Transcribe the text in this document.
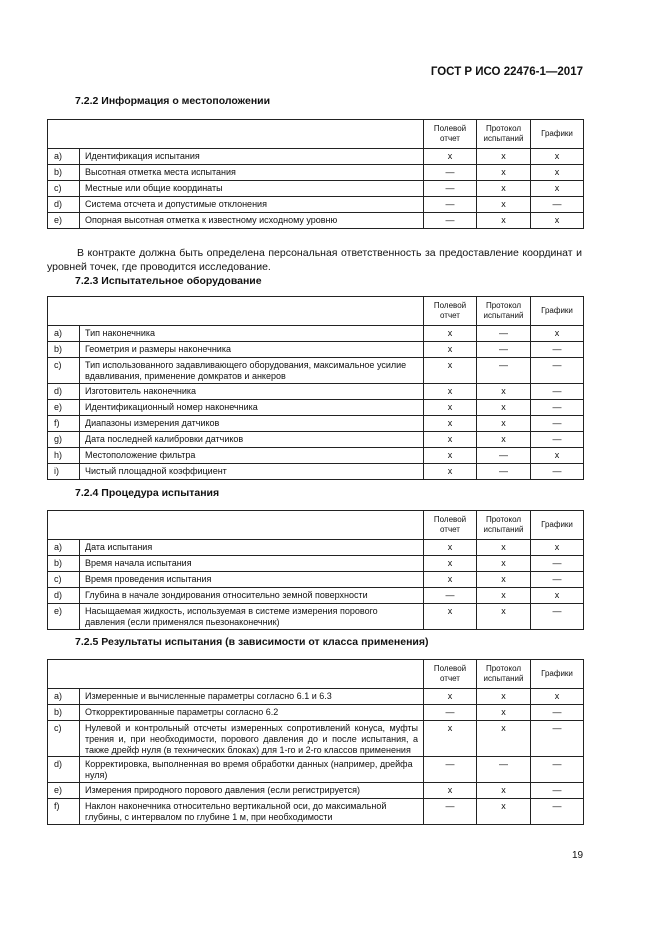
ГОСТ Р ИСО 22476-1—2017
7.2.2 Информация о местоположении
		Полевой отчет	Протокол испытаний	Графики
a)	Идентификация испытания	x	x	x
b)	Высотная отметка места испытания	—	x	x
c)	Местные или общие координаты	—	x	x
d)	Система отсчета и допустимые отклонения	—	x	—
e)	Опорная высотная отметка к известному исходному уровню	—	x	x
В контракте должна быть определена персональная ответственность за предоставление координат и уровней точек, где проводится исследование.
7.2.3 Испытательное оборудование
		Полевой отчет	Протокол испытаний	Графики
a)	Тип наконечника	x	—	x
b)	Геометрия и размеры наконечника	x	—	—
c)	Тип использованного задавливающего оборудования, максимальное усилие вдавливания, применение домкратов и анкеров	x	—	—
d)	Изготовитель наконечника	x	x	—
e)	Идентификационный номер наконечника	x	x	—
f)	Диапазоны измерения датчиков	x	x	—
g)	Дата последней калибровки датчиков	x	x	—
h)	Местоположение фильтра	x	—	x
i)	Чистый площадной коэффициент	x	—	—
7.2.4 Процедура испытания
		Полевой отчет	Протокол испытаний	Графики
a)	Дата испытания	x	x	x
b)	Время начала испытания	x	x	—
c)	Время проведения испытания	x	x	—
d)	Глубина в начале зондирования относительно земной поверхности	—	x	x
e)	Насыщаемая жидкость, используемая в системе измерения порового давления (если применялся пьезонаконечник)	x	x	—
7.2.5 Результаты испытания (в зависимости от класса применения)
		Полевой отчет	Протокол испытаний	Графики
a)	Измеренные и вычисленные параметры согласно 6.1 и 6.3	x	x	x
b)	Откорректированные параметры согласно 6.2	—	x	—
c)	Нулевой и контрольный отсчеты измеренных сопротивлений конуса, муфты трения и, при необходимости, порового давления до и после испытания, а также дрейф нуля (в технических блоках) для 1-го и 2-го классов применения	x	x	—
d)	Корректировка, выполненная во время обработки данных (например, дрейфа нуля)	—	—	—
e)	Измерения природного порового давления (если регистрируется)	x	x	—
f)	Наклон наконечника относительно вертикальной оси, до максимальной глубины, с интервалом по глубине 1 м, при необходимости	—	x	—
19
